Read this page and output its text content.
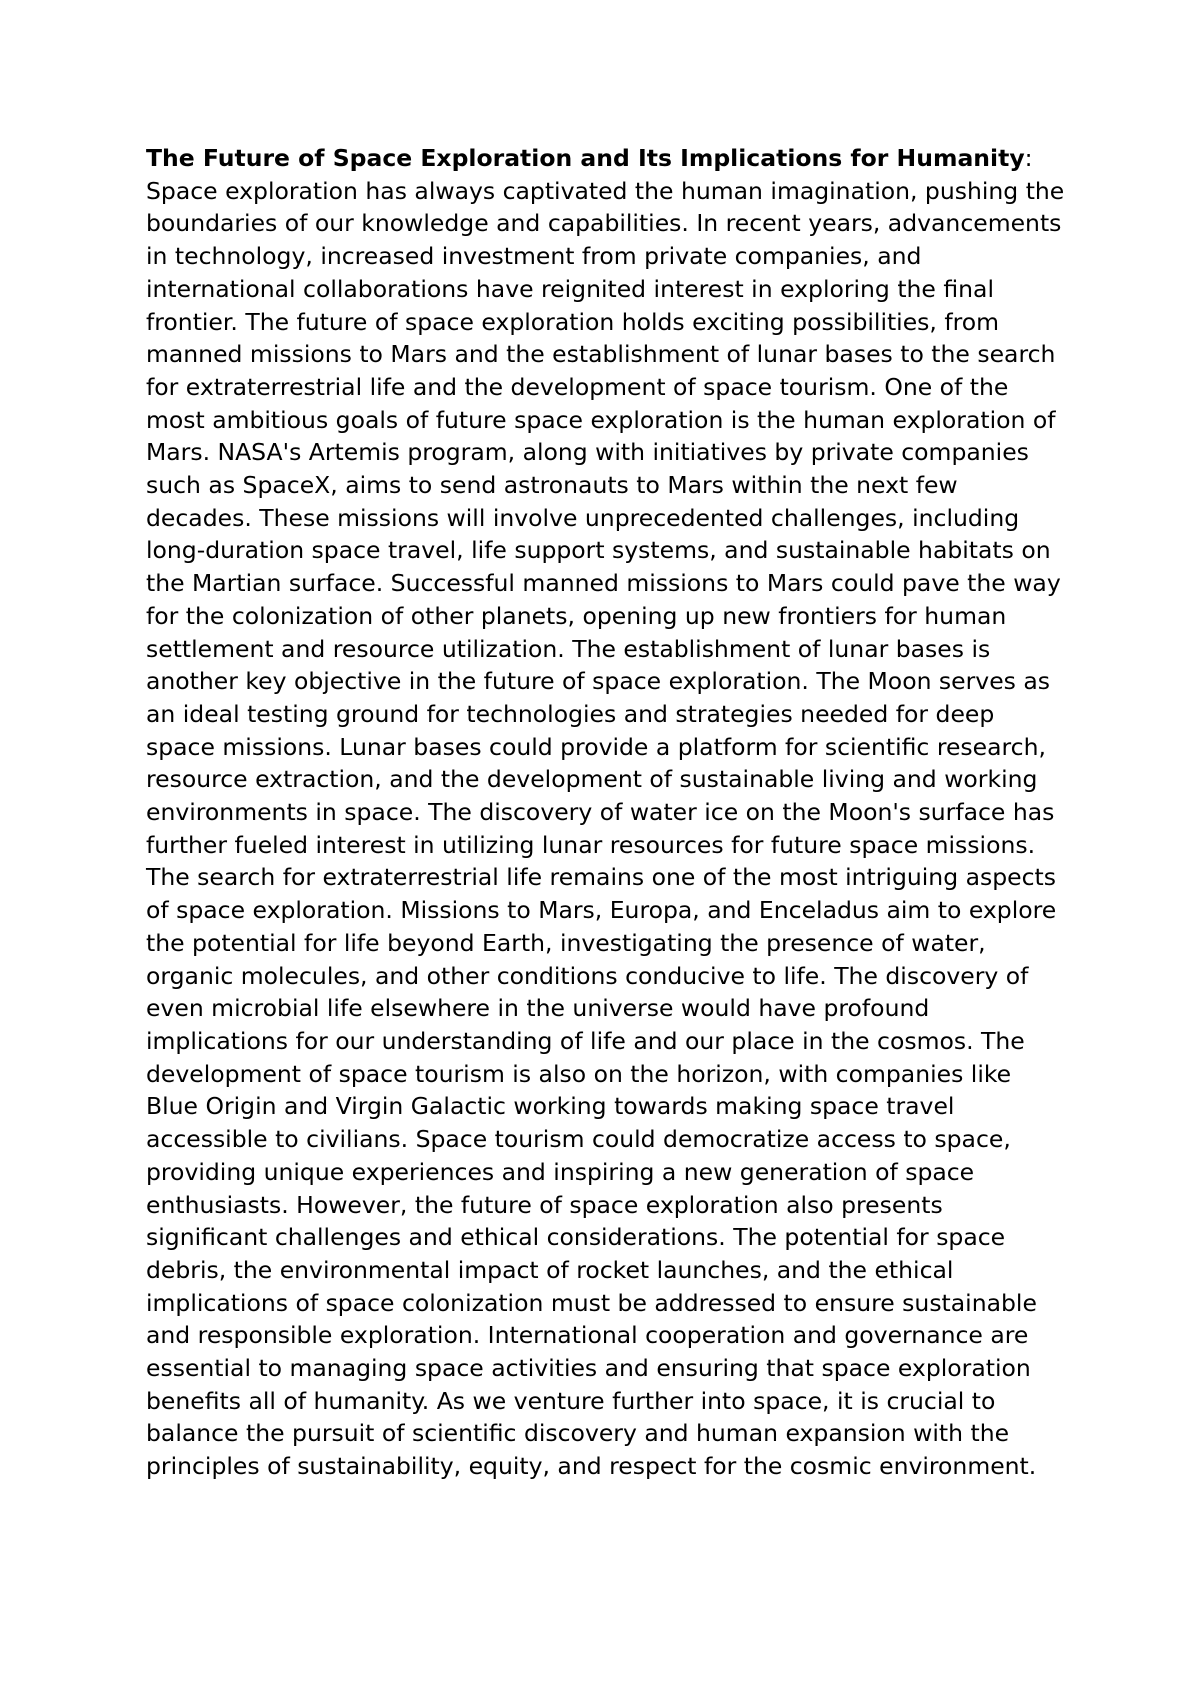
The Future of Space Exploration and Its Implications for Humanity: Space exploration has always captivated the human imagination, pushing the boundaries of our knowledge and capabilities. In recent years, advancements in technology, increased investment from private companies, and international collaborations have reignited interest in exploring the final frontier. The future of space exploration holds exciting possibilities, from manned missions to Mars and the establishment of lunar bases to the search for extraterrestrial life and the development of space tourism. One of the most ambitious goals of future space exploration is the human exploration of Mars. NASA's Artemis program, along with initiatives by private companies such as SpaceX, aims to send astronauts to Mars within the next few decades. These missions will involve unprecedented challenges, including long-duration space travel, life support systems, and sustainable habitats on the Martian surface. Successful manned missions to Mars could pave the way for the colonization of other planets, opening up new frontiers for human settlement and resource utilization. The establishment of lunar bases is another key objective in the future of space exploration. The Moon serves as an ideal testing ground for technologies and strategies needed for deep space missions. Lunar bases could provide a platform for scientific research, resource extraction, and the development of sustainable living and working environments in space. The discovery of water ice on the Moon's surface has further fueled interest in utilizing lunar resources for future space missions. The search for extraterrestrial life remains one of the most intriguing aspects of space exploration. Missions to Mars, Europa, and Enceladus aim to explore the potential for life beyond Earth, investigating the presence of water, organic molecules, and other conditions conducive to life. The discovery of even microbial life elsewhere in the universe would have profound implications for our understanding of life and our place in the cosmos. The development of space tourism is also on the horizon, with companies like Blue Origin and Virgin Galactic working towards making space travel accessible to civilians. Space tourism could democratize access to space, providing unique experiences and inspiring a new generation of space enthusiasts. However, the future of space exploration also presents significant challenges and ethical considerations. The potential for space debris, the environmental impact of rocket launches, and the ethical implications of space colonization must be addressed to ensure sustainable and responsible exploration. International cooperation and governance are essential to managing space activities and ensuring that space exploration benefits all of humanity. As we venture further into space, it is crucial to balance the pursuit of scientific discovery and human expansion with the principles of sustainability, equity, and respect for the cosmic environment.
